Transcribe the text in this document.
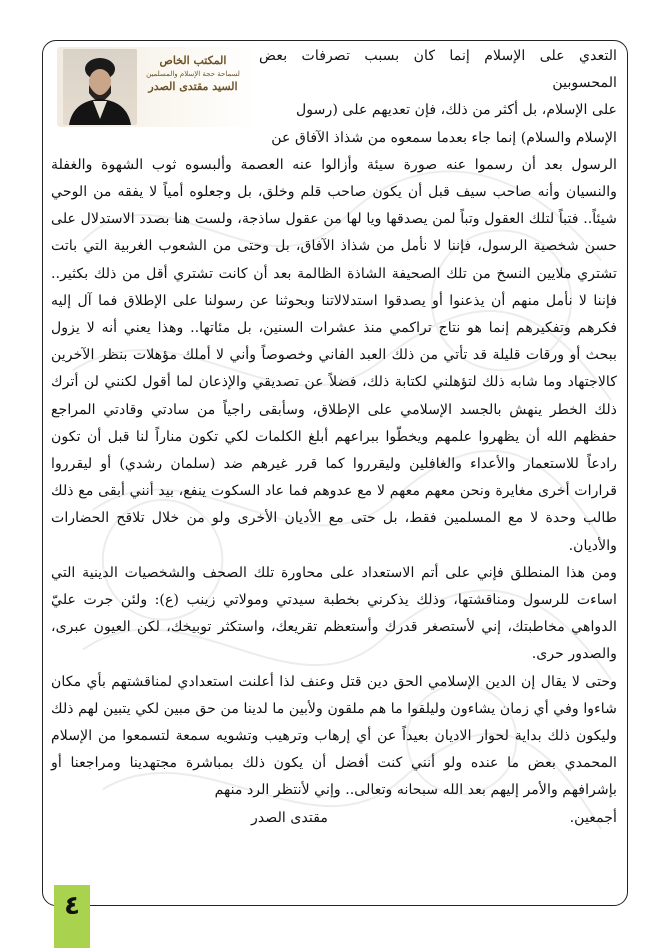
المكتب الخاص
لسماحة حجة الإسلام والمسلمين
السيد مقتدى الصدر

التعدي على الإسلام إنما كان بسبب تصرفات بعض المحسوبين
على الإسلام، بل أكثر من ذلك، فإن تعديهم على (رسول
الإسلام والسلام) إنما جاء بعدما سمعوه من شذاذ الآفاق عن
الرسول بعد أن رسموا عنه صورة سيئة وأزالوا عنه العصمة وألبسوه ثوب الشهوة والغفلة والنسيان وأنه صاحب سيف قبل أن يكون صاحب قلم وخلق، بل وجعلوه أمياً لا يفقه من الوحي شيئاً.. فتباً لتلك العقول وتباً لمن يصدقها ويا لها من عقول ساذجة، ولست هنا بصدد الاستدلال على حسن شخصية الرسول، فإننا لا نأمل من شذاذ الآفاق، بل وحتى من الشعوب الغربية التي باتت تشتري ملايين النسخ من تلك الصحيفة الشاذة الظالمة بعد أن كانت تشتري أقل من ذلك بكثير.. فإننا لا نأمل منهم أن يذعنوا أو يصدقوا استدلالاتنا وبحوثنا عن رسولنا على الإطلاق فما آل إليه فكرهم وتفكيرهم إنما هو نتاج تراكمي منذ عشرات السنين، بل مئاتها.. وهذا يعني أنه لا يزول ببحث أو ورقات قليلة قد تأتي من ذلك العبد الفاني وخصوصاً وأني لا أملك مؤهلات بنظر الآخرين كالاجتهاد وما شابه ذلك لتؤهلني لكتابة ذلك، فضلاً عن تصديقي والإذعان لما أقول لكنني لن أترك ذلك الخطر ينهش بالجسد الإسلامي على الإطلاق، وسأبقى راجياً من سادتي وقادتي المراجع حفظهم الله أن يظهروا علمهم ويخطّوا ببراعهم أبلغ الكلمات لكي تكون مناراً لنا قبل أن تكون رادعاً للاستعمار والأعداء والغافلين وليقرروا كما قرر غيرهم ضد (سلمان رشدي) أو ليقرروا قرارات أخرى مغايرة ونحن معهم معهم لا مع عدوهم فما عاد السكوت ينفع، بيد أنني أبقى مع ذلك طالب وحدة لا مع المسلمين فقط، بل حتى مع الأديان الأخرى ولو من خلال تلاقح الحضارات والأديان.

ومن هذا المنطلق فإني على أتم الاستعداد على محاورة تلك الصحف والشخصيات الدينية التي اساءت للرسول ومناقشتها، وذلك يذكرني بخطبة سيدتي ومولاتي زينب (ع): ولئن جرت عليّ الدواهي مخاطبتك، إني لأستصغر قدرك وأستعظم تقريعك، واستكثر توبيخك، لكن العيون عبرى، والصدور حرى.

وحتى لا يقال إن الدين الإسلامي الحق دين قتل وعنف لذا أعلنت استعدادي لمناقشتهم بأي مكان شاءوا وفي أي زمان يشاءون وليلقوا ما هم ملقون ولأبين ما لدينا من حق مبين لكي يتبين لهم ذلك وليكون ذلك بداية لحوار الاديان بعيداً عن أي إرهاب وترهيب وتشويه سمعة لتسمعوا من الإسلام المحمدي بعض ما عنده ولو أنني كنت أفضل أن يكون ذلك بمباشرة مجتهدينا ومراجعنا أو بإشرافهم والأمر إليهم بعد الله سبحانه وتعالى.. وإني لأنتظر الرد منهم

أجمعين.
مقتدى الصدر

٤
